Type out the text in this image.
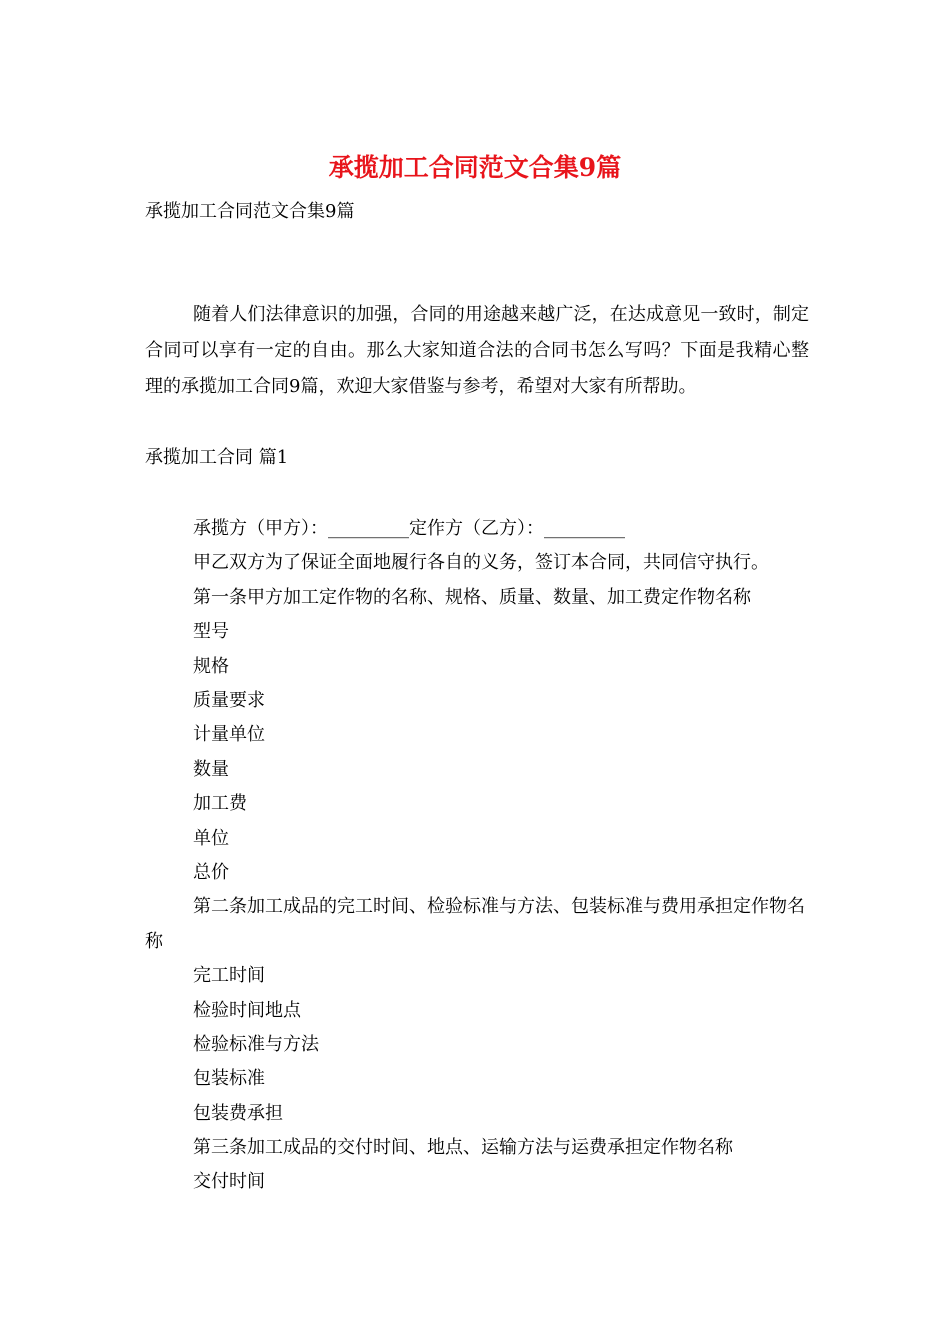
承揽加工合同范文合集9篇

承揽加工合同范文合集9篇

随着人们法律意识的加强，合同的用途越来越广泛，在达成意见一致时，制定合同可以享有一定的自由。那么大家知道合法的合同书怎么写吗？下面是我精心整理的承揽加工合同9篇，欢迎大家借鉴与参考，希望对大家有所帮助。

承揽加工合同 篇1

承揽方（甲方）：_________定作方（乙方）：_________
甲乙双方为了保证全面地履行各自的义务，签订本合同，共同信守执行。
第一条甲方加工定作物的名称、规格、质量、数量、加工费定作物名称
型号
规格
质量要求
计量单位
数量
加工费
单位
总价
第二条加工成品的完工时间、检验标准与方法、包装标准与费用承担定作物名称
完工时间
检验时间地点
检验标准与方法
包装标准
包装费承担
第三条加工成品的交付时间、地点、运输方法与运费承担定作物名称
交付时间
